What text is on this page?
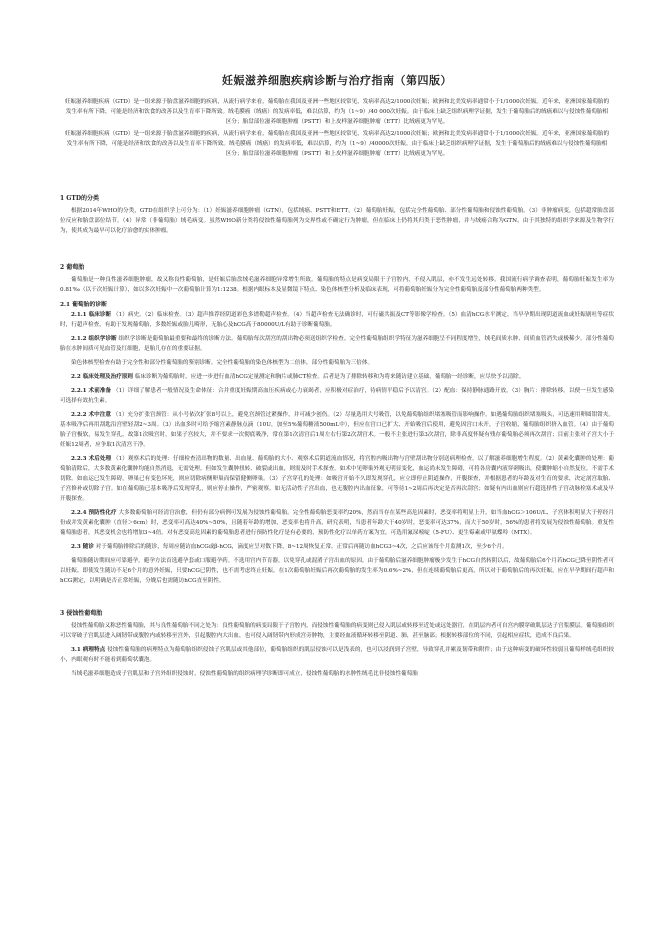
妊娠滋养细胞疾病诊断与治疗指南（第四版）

妊娠滋养细胞疾病（GTD）是一组来源于胎盘滋养细胞的疾病，从流行病学来看，葡萄胎在我国及亚洲一些地区较常见，发病率高达2/1000次妊娠；欧洲和北美发病率通常小于1/1000次妊娠。近年来，亚洲国家葡萄胎的发生率有所下降，可能是经济和饮食的改善以及生育率下降所致。绒毛膜癌（绒癌）的发病率低，难以估算，约为（1~9）/40 000次妊娠。由于临床上缺乏组织病理学证据，发生于葡萄胎后的绒癌难以与侵蚀性葡萄胎相区分；胎盘部位滋养细胞肿瘤（PSTT）和上皮样滋养细胞肿瘤（ETT）比绒癌更为罕见。

妊娠滋养细胞疾病（GTD）是一组来源于胎盘滋养细胞的疾病，从流行病学来看，葡萄胎在我国及亚洲一些地区较常见，发病率高达2/1000次妊娠；欧洲和北美发病率通常小于1/1000次妊娠。近年来，亚洲国家葡萄胎的发生率有所下降，可能是经济和饮食的改善以及生育率下降所致。绒毛膜癌（绒癌）的发病率低，难以估算，约为（1~9）/40000次妊娠。由于临床上缺乏组织病理学证据，发生于葡萄胎后的绒癌难以与侵蚀性葡萄胎相区分；胎盘部位滋养细胞肿瘤（PSTT）和上皮样滋养细胞肿瘤（ETT）比绒癌更为罕见。

1 GTD的分类

根据2014年WHO的分类，GTD在组织学上可分为：（1）妊娠滋养细胞肿瘤（GTN），包括绒癌、PSTT和ETT。（2）葡萄胎妊娠，包括完全性葡萄胎、部分性葡萄胎和侵蚀性葡萄胎。（3）非肿瘤病变，包括超常胎盘部位反应和胎盘部位结节。（4）异常（非葡萄胎）绒毛病变。虽然WHO新分类将侵蚀性葡萄胎列为交界性或不确定行为肿瘤，但在临床上仍将其归类于恶性肿瘤，并与绒癌合称为GTN。由于其独特的组织学来源及生物学行为，使其成为最早可以化疗治愈的实体肿瘤。

2 葡萄胎

葡萄胎是一种良性滋养细胞肿瘤，故又称良性葡萄胎，是妊娠后胎盘绒毛滋养细胞异常增生所致。葡萄胎的特点是病变局限于子宫腔内，不侵入肌层，亦不发生远处转移。我国流行病学调查表明，葡萄胎妊娠发生率为0.81‰（以千次妊娠计算），如以多次妊娠中一次葡萄胎计算为1:1238。根据内眼标本及显微镜下特点、染色体核型分析及临床表现，可将葡萄胎妊娠分为完全性葡萄胎及部分性葡萄胎两种类型。

2.1 葡萄胎的诊断

2.1.1 临床诊断 （1）病史。（2）临床检查。（3）超声推荐经阴道彩色多谱勒超声检查。（4）当超声检查无法确诊时，可行磁共振及CT等影像学检查。（5）血清hCG水平测定。当早孕期出现阴道流血或妊娠剧吐等症状时，行超声检查，有助于发现葡萄胎，多数妊娠或胎儿畸形，无胎心及hCG高于80000U/L有助于诊断葡萄胎。

2.1.2 组织学诊断 组织学诊断是葡萄胎最重要和最终的诊断方法。葡萄胎每次刮宫的刮出物必须送组织学检查。完全性葡萄胎组织学特征为滋养细胞呈不同程度增生，绒毛间质水肿、间质血管消失或极稀少。部分性葡萄胎在水肿间质可见血管及红细胞，是胎儿存在的重要证据。

染色体核型检查有助于完全性和部分性葡萄胎的鉴别诊断。完全性葡萄胎的染色体核型为二倍体，部分性葡萄胎为三倍体。

2.2 临床处理及治疗原则 临床诊断为葡萄胎时，应进一步进行血清hCG定量测定和胸片或肺CT检查。后者是为了排除转移和为将来随访建立基础，葡萄胎一经诊断，应尽快予以清除。

2.2.1 术前准备 （1）详细了解患者一般情况及生命体征：合并重度妊娠期高血压疾病或心力衰竭者，应积极对症治疗，待病情平稳后予以清宫。（2）配血：保持静脉通路开放。（3）胸片：排除转移。以便一旦发生感染可选择有效抗生素。

2.2.2 术中注意 （1）充分扩张宫颈管：从小号依次扩张8号以上，避免宫颈管过紧操作，并可减少创伤。（2）尽量选用大号吸管，以免葡萄胎组织堵塞吸管而影响操作。如遇葡萄胎组织堵塞吸头，可迅速用卵圆钳钳夹。基本吸净后再用刮匙沿宫壁轻刮2~3周。（3）出血多时可给予缩宫素静脉点滴（10U，加至5%葡萄糖液500mL中），但应在宫口已扩大、开始吸宫后使用，避免因宫口未开，子宫收缩，葡萄胎组织挤入血管。（4）由于葡萄胎子宫极软，易发生穿孔，故第1次吸宫时，如果子宫较大，并不要求一次彻底吸净，常在第1次清宫后1周左右行第2次刮宫术。一般不主张进行第3次刮宫，除非高度怀疑有残存葡萄胎必须再次刮宫；目前主张对子宫大小于妊娠12周者，应争取1次清宫干净。

2.2.3 术后处理 （1）观察术后的处理：仔细检查清出物的数量、出血量、葡萄胎的大小、观察术后阴道流血情况，将宫腔内吸出物与宫壁刮出物分别送病理检查，以了解滋养细胞增生程度。（2）黄素化囊肿的处理：葡萄胎清除后，大多数黄素化囊肿均能自然消退，无需处理。但如发生囊肿扭转、破裂或出血，则需及时手术探查。如术中见卵巢外观无明显变化，血运尚未发生障碍，可将各房囊内液穿刺吸出，使囊肿缩小自然复位，不需手术切除。如血运已发生障碍，卵巢已有变色坏死，则应切除病侧卵巢而保留健侧卵巢。（3）子宫穿孔的处理：如吸宫开始不久即发现穿孔，应立即停止阴道操作，开腹探查，并根据患者的年龄及对生育的要求，决定剖宫取胎、子宫修补或切除子宫。如在葡萄胎已基本吸净后发现穿孔，则应停止操作，严密观察。如无活动性子宫出血，也无腹腔内出血征象，可等待1~2周后再决定是否再次刮宫；如疑有内出血则应行超选择性子宫动脉栓塞术或及早开腹探查。

2.2.4 预防性化疗 大多数葡萄胎可经清宫治愈，但仍有部分病例可发展为侵蚀性葡萄胎。完全性葡萄胎恶变率约20%，然而当存在某些高危因素时，恶变率将明显上升。如当血hCG＞106U/L、子宫体积明显大于停经月份或并发黄素化囊肿（直径＞6cm）时，恶变率可高达40%~50%，且随着年龄的增加，恶变率也将升高，研究表明，当患者年龄大于40岁时，恶变率可达37%，而大于50岁时，56%的患者将发展为侵蚀性葡萄胎。重复性葡萄胎患者，其恶变机会也将增加3~4倍。对有恶变高危因素的葡萄胎患者进行预防性化疗是有必要的，预防性化疗以单药方案为宜，可选用氟尿嘧啶（5-FU）、更生霉素或甲氨蝶呤（MTX）。

2.3 随诊 对于葡萄胎排除后的随诊，每周应随访血hCG或β-hCG，滴度应呈对数下降，8~12周恢复正常。正常后再随访血hCG3~4次，之后应该每个月监测1次，至少6个月。

葡萄胎随访期间应可靠避孕，避孕方法首选避孕套或口服避孕药。不选用宫内节育器，以免穿孔或混淆子宫出血的原因。由于葡萄胎后滋养细胞肿瘤极少发生于hCG自然转阴以后，故葡萄胎后6个月若hCG已降至阴性者可以妊娠。即使发生随访不足6个月的意外妊娠，只要hCG已阴性，也不需考虑终止妊娠。在1次葡萄胎妊娠后再次葡萄胎的发生率为0.6%~2%，但在连续葡萄胎后更高，所以对于葡萄胎后的再次妊娠，应在早孕期间行超声和hCG测定，以明确是否正常妊娠，分娩后也需随访hCG直至阴性。

3 侵蚀性葡萄胎

侵蚀性葡萄胎又称恶性葡萄胎，其与良性葡萄胎不同之处为：良性葡萄胎的病变局限于子宫腔内，而侵蚀性葡萄胎的病变则已侵入肌层或转移至近处或远处器官，在肌层内者可自宫内膜穿破肌层达子宫浆膜层。葡萄胎组织可以穿破子宫肌层进入阔韧带或腹腔内或转移至宫外，引起腹腔内大出血，也可侵入阔韧带内形成宫旁肿物，主要经血液循环转移至阴道、肺，甚至脑部；根据转移部位的不同，引起相应症状，造成不良后果。

3.1 病理特点 侵蚀性葡萄胎的病理特点为葡萄胎组织侵蚀子宫肌层或其他部位，葡萄胎组织的肌层侵蚀可以是浅表的，也可以浸润到子宫壁，导致穿孔并累及韧带和附件；由于这种病变的破坏性较弱且葡萄样绒毛组织较小，内眼观有时不能看到葡萄状囊泡。

当绒毛滋养细胞造成子宫肌层和子宫外组织侵蚀时，侵蚀性葡萄胎的组织病理学诊断即可成立，侵蚀性葡萄胎的水肿性绒毛比非侵蚀性葡萄胎
